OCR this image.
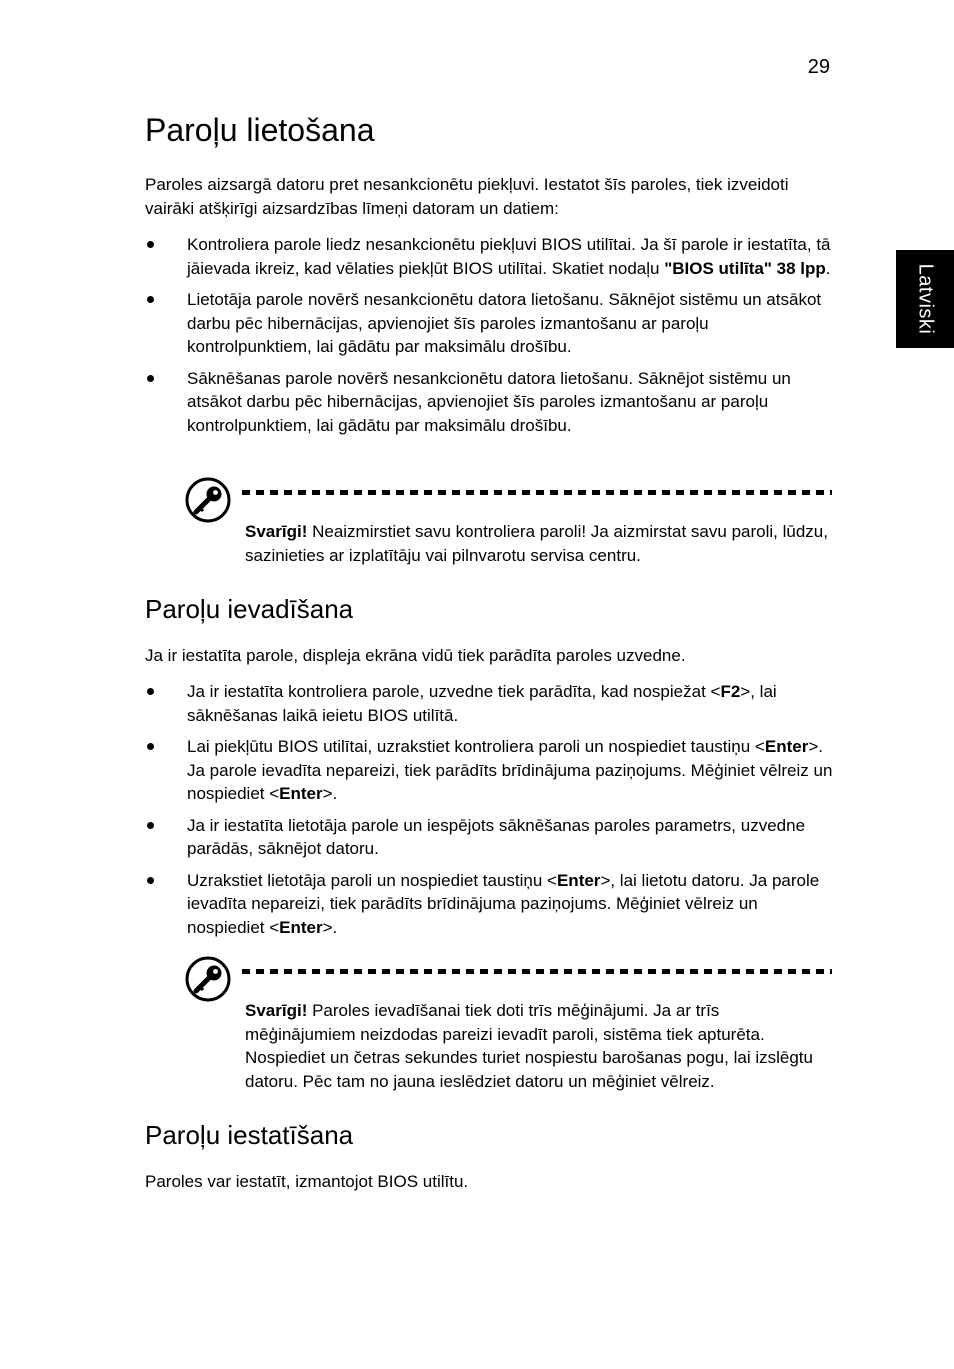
29
Latviski
Paroļu lietošana

Paroles aizsargā datoru pret nesankcionētu piekļuvi. Iestatot šīs paroles, tiek izveidoti vairāki atšķirīgi aizsardzības līmeņi datoram un datiem:

Kontroliera parole liedz nesankcionētu piekļuvi BIOS utilītai. Ja šī parole ir iestatīta, tā jāievada ikreiz, kad vēlaties piekļūt BIOS utilītai. Skatiet nodaļu "BIOS utilīta" 38 lpp.
Lietotāja parole novērš nesankcionētu datora lietošanu. Sāknējot sistēmu un atsākot darbu pēc hibernācijas, apvienojiet šīs paroles izmantošanu ar paroļu kontrolpunktiem, lai gādātu par maksimālu drošību.
Sāknēšanas parole novērš nesankcionētu datora lietošanu. Sāknējot sistēmu un atsākot darbu pēc hibernācijas, apvienojiet šīs paroles izmantošanu ar paroļu kontrolpunktiem, lai gādātu par maksimālu drošību.

Svarīgi! Neaizmirstiet savu kontroliera paroli! Ja aizmirstat savu paroli, lūdzu, sazinieties ar izplatītāju vai pilnvarotu servisa centru.

Paroļu ievadīšana

Ja ir iestatīta parole, displeja ekrāna vidū tiek parādīta paroles uzvedne.

Ja ir iestatīta kontroliera parole, uzvedne tiek parādīta, kad nospiežat <F2>, lai sāknēšanas laikā ieietu BIOS utilītā.
Lai piekļūtu BIOS utilītai, uzrakstiet kontroliera paroli un nospiediet taustiņu <Enter>. Ja parole ievadīta nepareizi, tiek parādīts brīdinājuma paziņojums. Mēģiniet vēlreiz un nospiediet <Enter>.
Ja ir iestatīta lietotāja parole un iespējots sāknēšanas paroles parametrs, uzvedne parādās, sāknējot datoru.
Uzrakstiet lietotāja paroli un nospiediet taustiņu <Enter>, lai lietotu datoru. Ja parole ievadīta nepareizi, tiek parādīts brīdinājuma paziņojums. Mēģiniet vēlreiz un nospiediet <Enter>.

Svarīgi! Paroles ievadīšanai tiek doti trīs mēģinājumi. Ja ar trīs mēģinājumiem neizdodas pareizi ievadīt paroli, sistēma tiek apturēta. Nospiediet un četras sekundes turiet nospiestu barošanas pogu, lai izslēgtu datoru. Pēc tam no jauna ieslēdziet datoru un mēģiniet vēlreiz.

Paroļu iestatīšana

Paroles var iestatīt, izmantojot BIOS utilītu.
